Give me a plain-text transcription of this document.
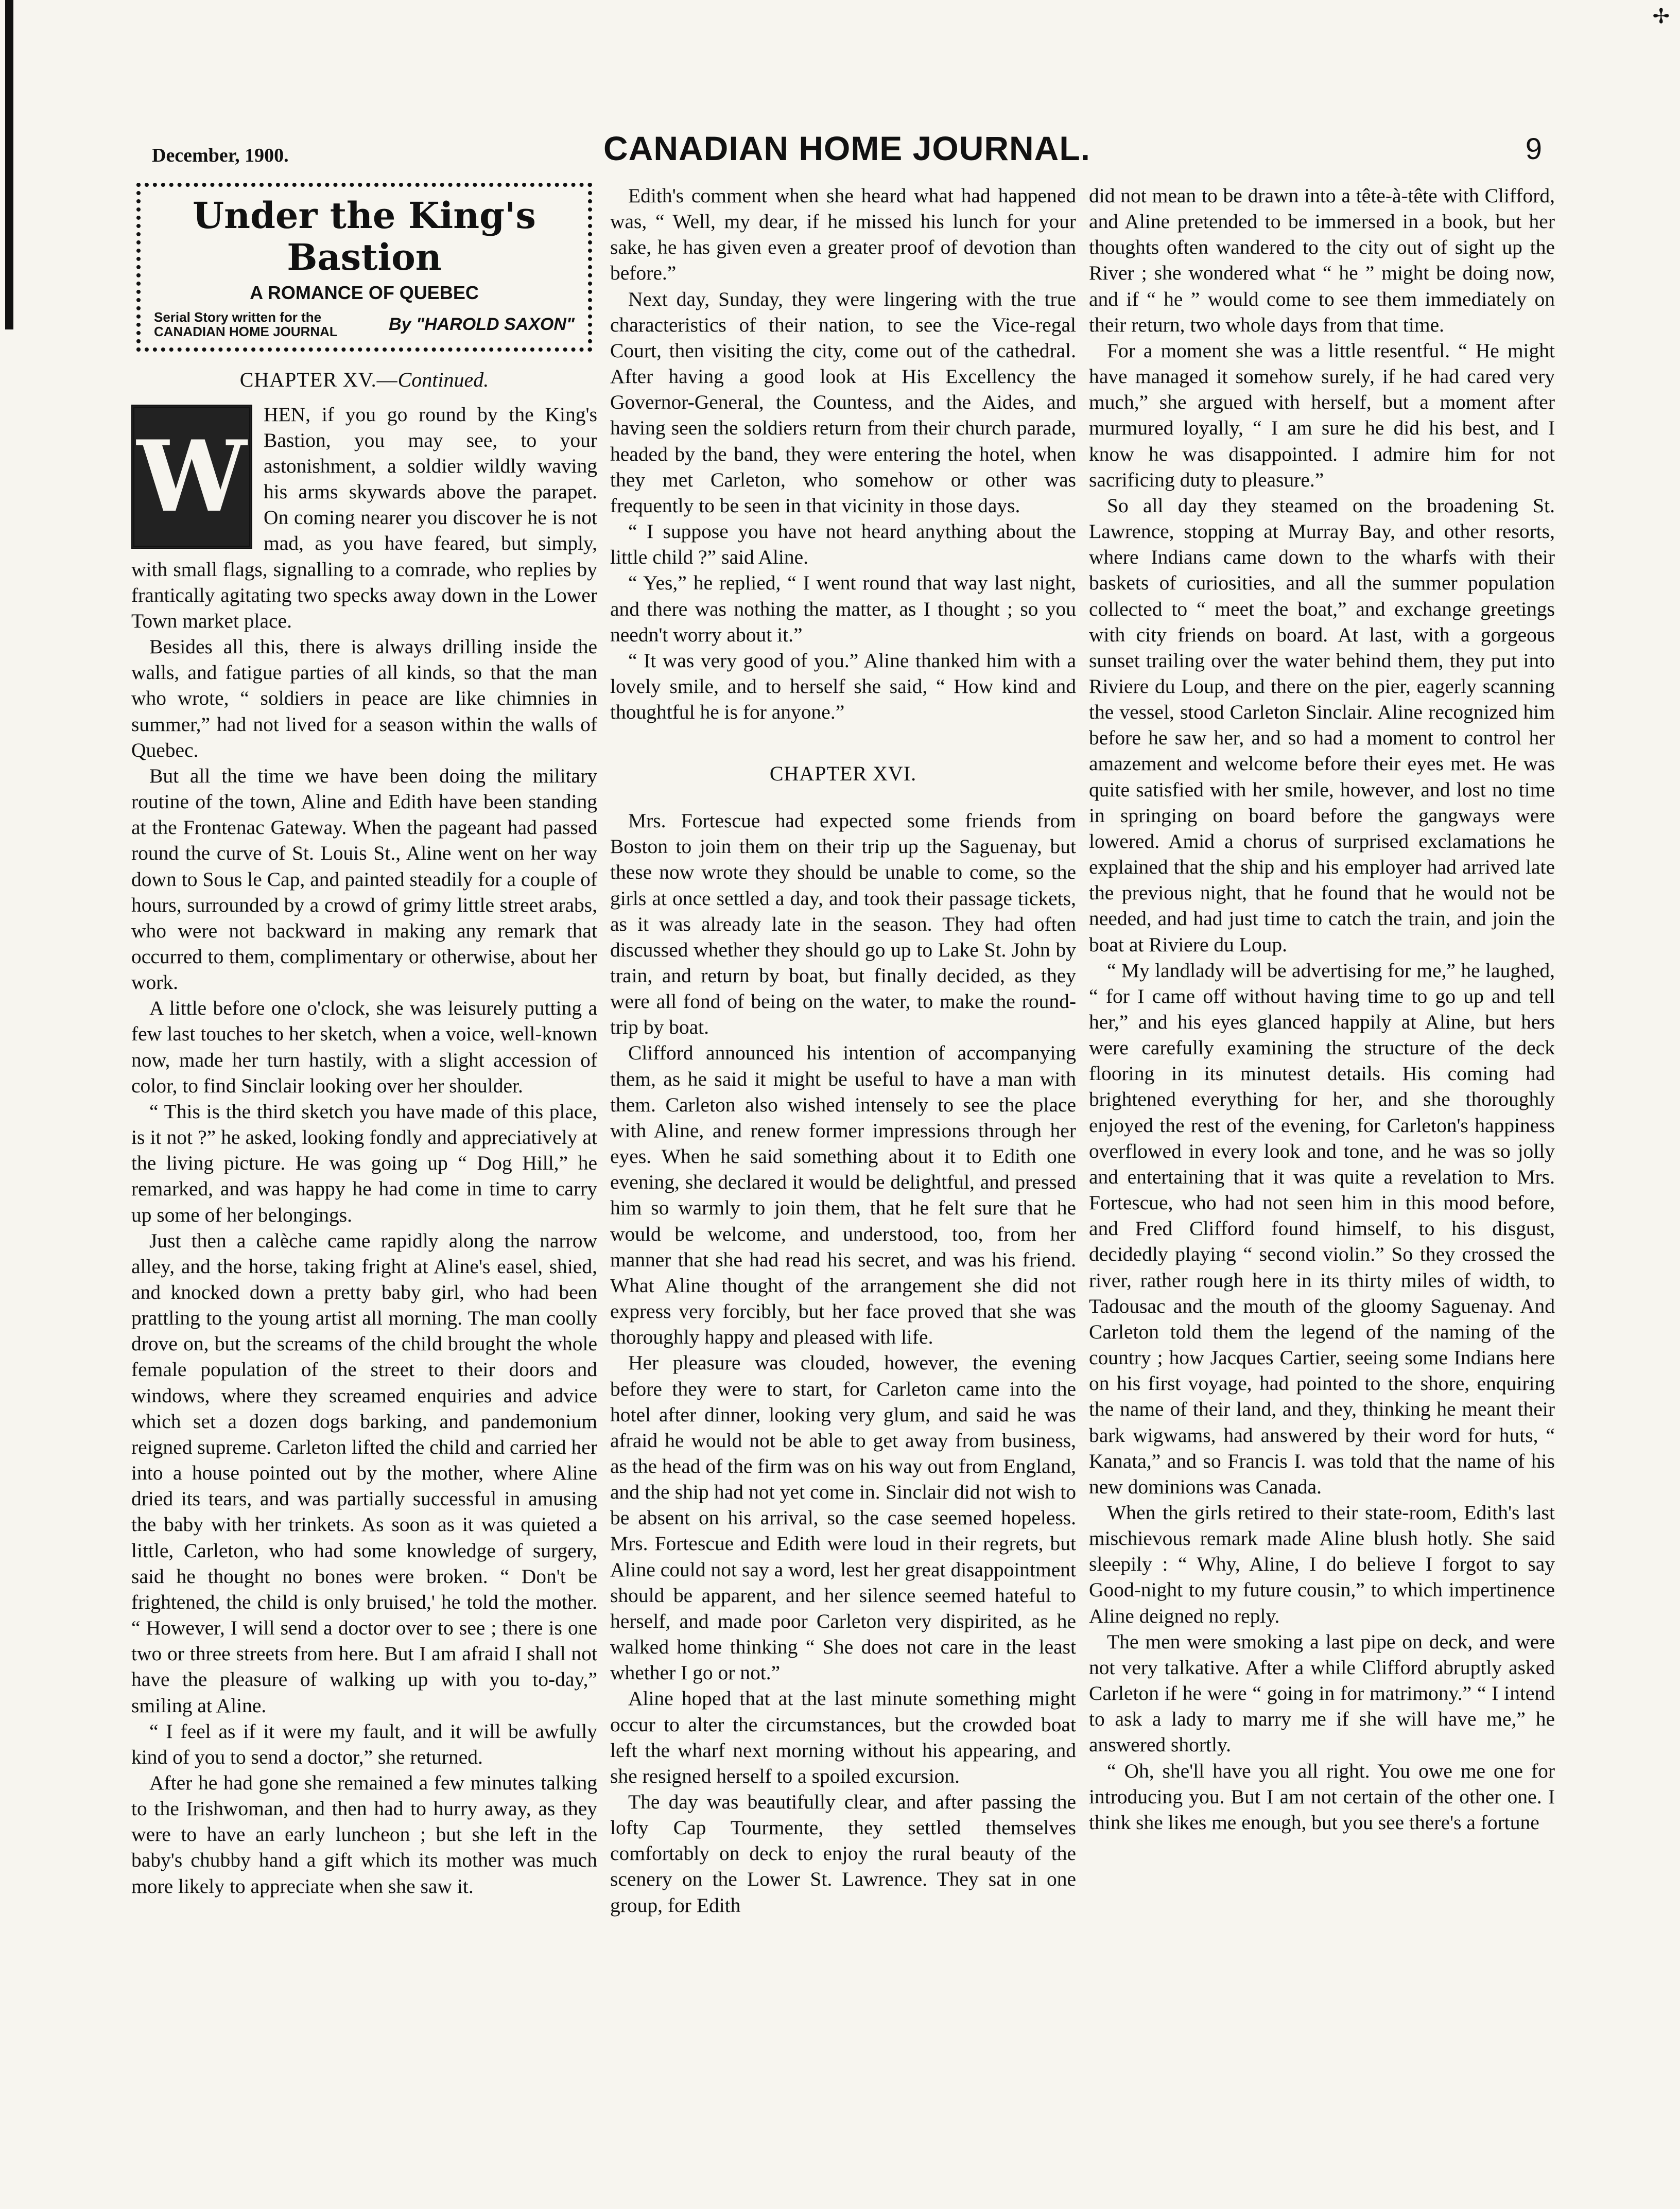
✢
December, 1900.	CANADIAN HOME JOURNAL.	9
Under the King's Bastion
A ROMANCE OF QUEBEC
Serial Story written for the
CANADIAN HOME JOURNAL	By "HAROLD SAXON"
CHAPTER XV.—Continued.

W
HEN, if you go round by the King's Bastion, you may see, to your astonishment, a soldier wildly waving his arms skywards above the parapet. On coming nearer you discover he is not mad, as you have feared, but simply, with small flags, signalling to a comrade, who replies by frantically agitating two specks away down in the Lower Town market place.

Besides all this, there is always drilling inside the walls, and fatigue parties of all kinds, so that the man who wrote, “ soldiers in peace are like chimnies in summer,” had not lived for a season within the walls of Quebec.

But all the time we have been doing the military routine of the town, Aline and Edith have been standing at the Frontenac Gateway. When the pageant had passed round the curve of St. Louis St., Aline went on her way down to Sous le Cap, and painted steadily for a couple of hours, surrounded by a crowd of grimy little street arabs, who were not backward in making any remark that occurred to them, complimentary or otherwise, about her work.

A little before one o'clock, she was leisurely putting a few last touches to her sketch, when a voice, well-known now, made her turn hastily, with a slight accession of color, to find Sinclair looking over her shoulder.

“ This is the third sketch you have made of this place, is it not ?” he asked, looking fondly and appreciatively at the living picture. He was going up “ Dog Hill,” he remarked, and was happy he had come in time to carry up some of her belongings.

Just then a calèche came rapidly along the narrow alley, and the horse, taking fright at Aline's easel, shied, and knocked down a pretty baby girl, who had been prattling to the young artist all morning. The man coolly drove on, but the screams of the child brought the whole female population of the street to their doors and windows, where they screamed enquiries and advice which set a dozen dogs barking, and pandemonium reigned supreme. Carleton lifted the child and carried her into a house pointed out by the mother, where Aline dried its tears, and was partially successful in amusing the baby with her trinkets. As soon as it was quieted a little, Carleton, who had some knowledge of surgery, said he thought no bones were broken. “ Don't be frightened, the child is only bruised,' he told the mother. “ However, I will send a doctor over to see ; there is one two or three streets from here. But I am afraid I shall not have the pleasure of walking up with you to-day,” smiling at Aline.

“ I feel as if it were my fault, and it will be awfully kind of you to send a doctor,” she returned.

After he had gone she remained a few minutes talking to the Irishwoman, and then had to hurry away, as they were to have an early luncheon ; but she left in the baby's chubby hand a gift which its mother was much more likely to appreciate when she saw it.

Edith's comment when she heard what had happened was, “ Well, my dear, if he missed his lunch for your sake, he has given even a greater proof of devotion than before.”

Next day, Sunday, they were lingering with the true characteristics of their nation, to see the Vice-regal Court, then visiting the city, come out of the cathedral. After having a good look at His Excellency the Governor-General, the Countess, and the Aides, and having seen the soldiers return from their church parade, headed by the band, they were entering the hotel, when they met Carleton, who somehow or other was frequently to be seen in that vicinity in those days.

“ I suppose you have not heard anything about the little child ?” said Aline.

“ Yes,” he replied, “ I went round that way last night, and there was nothing the matter, as I thought ; so you needn't worry about it.”

“ It was very good of you.” Aline thanked him with a lovely smile, and to herself she said, “ How kind and thoughtful he is for anyone.”

CHAPTER XVI.

Mrs. Fortescue had expected some friends from Boston to join them on their trip up the Saguenay, but these now wrote they should be unable to come, so the girls at once settled a day, and took their passage tickets, as it was already late in the season. They had often discussed whether they should go up to Lake St. John by train, and return by boat, but finally decided, as they were all fond of being on the water, to make the round-trip by boat.

Clifford announced his intention of accompanying them, as he said it might be useful to have a man with them. Carleton also wished intensely to see the place with Aline, and renew former impressions through her eyes. When he said something about it to Edith one evening, she declared it would be delightful, and pressed him so warmly to join them, that he felt sure that he would be welcome, and understood, too, from her manner that she had read his secret, and was his friend. What Aline thought of the arrangement she did not express very forcibly, but her face proved that she was thoroughly happy and pleased with life.

Her pleasure was clouded, however, the evening before they were to start, for Carleton came into the hotel after dinner, looking very glum, and said he was afraid he would not be able to get away from business, as the head of the firm was on his way out from England, and the ship had not yet come in. Sinclair did not wish to be absent on his arrival, so the case seemed hopeless. Mrs. Fortescue and Edith were loud in their regrets, but Aline could not say a word, lest her great disappointment should be apparent, and her silence seemed hateful to herself, and made poor Carleton very dispirited, as he walked home thinking “ She does not care in the least whether I go or not.”

Aline hoped that at the last minute something might occur to alter the circumstances, but the crowded boat left the wharf next morning without his appearing, and she resigned herself to a spoiled excursion.

The day was beautifully clear, and after passing the lofty Cap Tourmente, they settled themselves comfortably on deck to enjoy the rural beauty of the scenery on the Lower St. Lawrence. They sat in one group, for Edith

did not mean to be drawn into a tête-à-tête with Clifford, and Aline pretended to be immersed in a book, but her thoughts often wandered to the city out of sight up the River ; she wondered what “ he ” might be doing now, and if “ he ” would come to see them immediately on their return, two whole days from that time.

For a moment she was a little resentful. “ He might have managed it somehow surely, if he had cared very much,” she argued with herself, but a moment after murmured loyally, “ I am sure he did his best, and I know he was disappointed. I admire him for not sacrificing duty to pleasure.”

So all day they steamed on the broadening St. Lawrence, stopping at Murray Bay, and other resorts, where Indians came down to the wharfs with their baskets of curiosities, and all the summer population collected to “ meet the boat,” and exchange greetings with city friends on board. At last, with a gorgeous sunset trailing over the water behind them, they put into Riviere du Loup, and there on the pier, eagerly scanning the vessel, stood Carleton Sinclair. Aline recognized him before he saw her, and so had a moment to control her amazement and welcome before their eyes met. He was quite satisfied with her smile, however, and lost no time in springing on board before the gangways were lowered. Amid a chorus of surprised exclamations he explained that the ship and his employer had arrived late the previous night, that he found that he would not be needed, and had just time to catch the train, and join the boat at Riviere du Loup.

“ My landlady will be advertising for me,” he laughed, “ for I came off without having time to go up and tell her,” and his eyes glanced happily at Aline, but hers were carefully examining the structure of the deck flooring in its minutest details. His coming had brightened everything for her, and she thoroughly enjoyed the rest of the evening, for Carleton's happiness overflowed in every look and tone, and he was so jolly and entertaining that it was quite a revelation to Mrs. Fortescue, who had not seen him in this mood before, and Fred Clifford found himself, to his disgust, decidedly playing “ second violin.” So they crossed the river, rather rough here in its thirty miles of width, to Tadousac and the mouth of the gloomy Saguenay. And Carleton told them the legend of the naming of the country ; how Jacques Cartier, seeing some Indians here on his first voyage, had pointed to the shore, enquiring the name of their land, and they, thinking he meant their bark wigwams, had answered by their word for huts, “ Kanata,” and so Francis I. was told that the name of his new dominions was Canada.

When the girls retired to their state-room, Edith's last mischievous remark made Aline blush hotly. She said sleepily : “ Why, Aline, I do believe I forgot to say Good-night to my future cousin,” to which impertinence Aline deigned no reply.

The men were smoking a last pipe on deck, and were not very talkative. After a while Clifford abruptly asked Carleton if he were “ going in for matrimony.” “ I intend to ask a lady to marry me if she will have me,” he answered shortly.

“ Oh, she'll have you all right. You owe me one for introducing you. But I am not certain of the other one. I think she likes me enough, but you see there's a fortune
